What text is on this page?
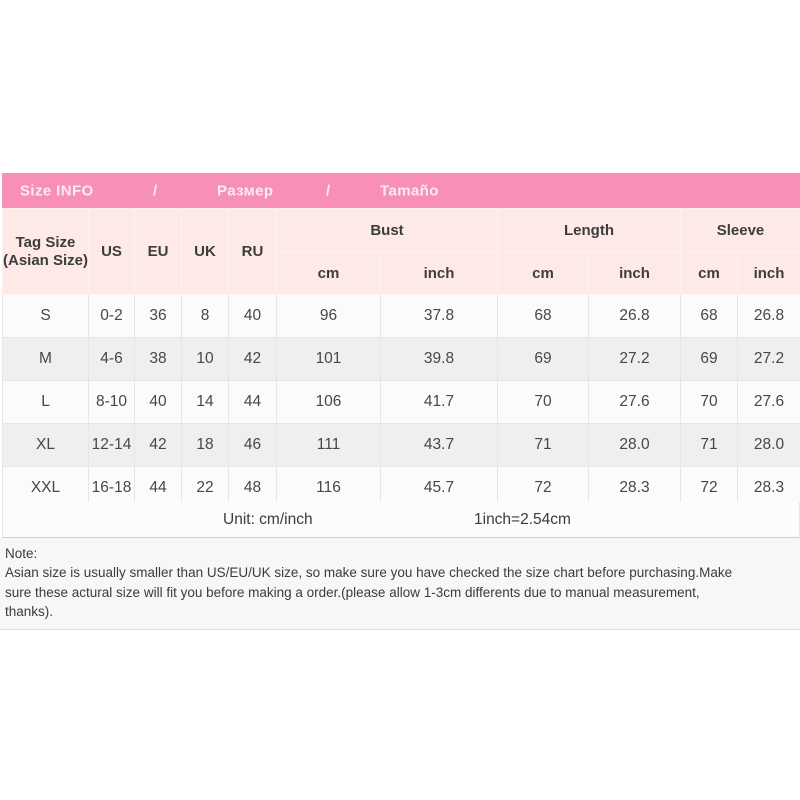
Size INFO	/	Размер	/	Tamaño
Tag Size
(Asian Size)	US	EU	UK	RU	Bust		Length		Sleeve	
					cm	inch	cm	inch	cm	inch
S	0-2	36	8	40	96	37.8	68	26.8	68	26.8
M	4-6	38	10	42	101	39.8	69	27.2	69	27.2
L	8-10	40	14	44	106	41.7	70	27.6	70	27.6
XL	12-14	42	18	46	111	43.7	71	28.0	71	28.0
XXL	16-18	44	22	48	116	45.7	72	28.3	72	28.3
Unit: cm/inch	1inch=2.54cm
Note:
Asian size is usually smaller than US/EU/UK size, so make sure you have checked the size chart before purchasing.Make
sure these actural size will fit you before making a order.(please allow 1-3cm differents due to manual measurement,
thanks).
